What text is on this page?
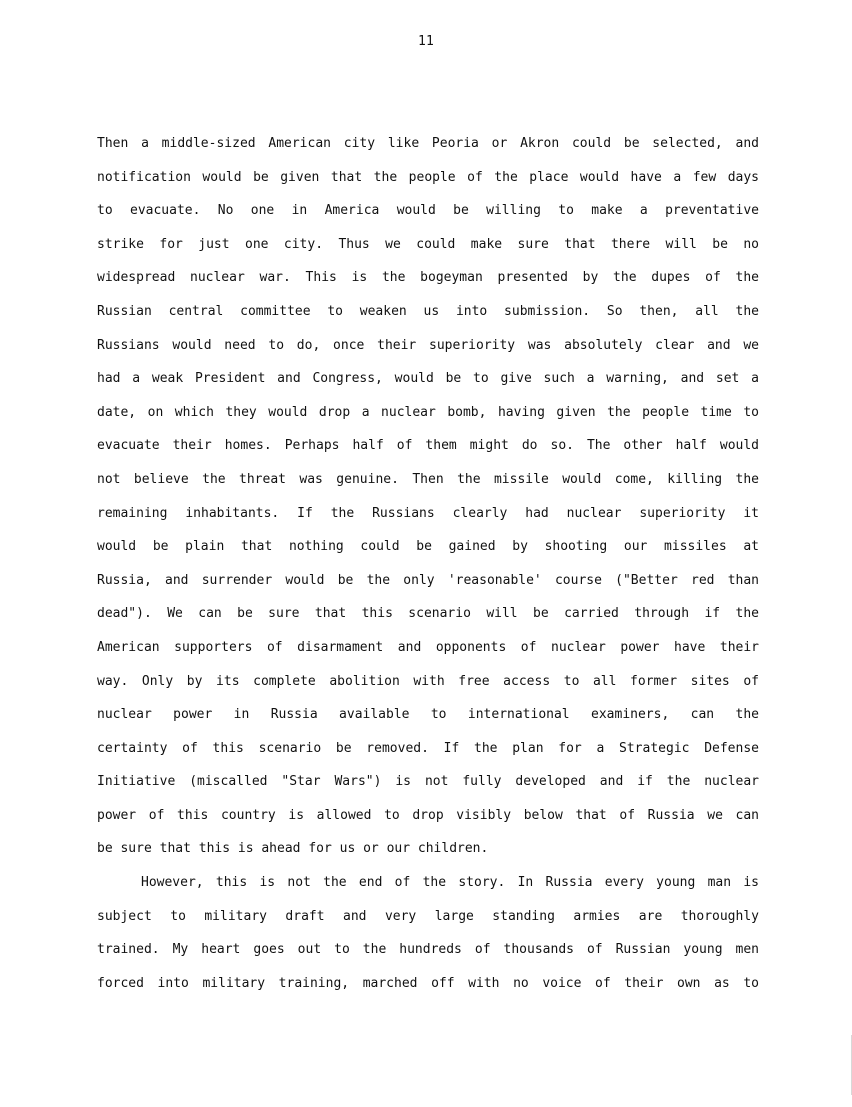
11
Then a middle-sized American city like Peoria or Akron could be selected, and
notification would be given that the people of the place would have a few days
to evacuate. No one in America would be willing to make a preventative
strike for just one city. Thus we could make sure that there will be no
widespread nuclear war. This is the bogeyman presented by the dupes of the
Russian central committee to weaken us into submission. So then, all the
Russians would need to do, once their superiority was absolutely clear and we
had a weak President and Congress, would be to give such a warning, and set a
date, on which they would drop a nuclear bomb, having given the people time to
evacuate their homes. Perhaps half of them might do so. The other half would
not believe the threat was genuine. Then the missile would come, killing the
remaining inhabitants. If the Russians clearly had nuclear superiority it
would be plain that nothing could be gained by shooting our missiles at
Russia, and surrender would be the only 'reasonable' course ("Better red than
dead"). We can be sure that this scenario will be carried through if the
American supporters of disarmament and opponents of nuclear power have their
way. Only by its complete abolition with free access to all former sites of
nuclear power in Russia available to international examiners, can the
certainty of this scenario be removed. If the plan for a Strategic Defense
Initiative (miscalled "Star Wars") is not fully developed and if the nuclear
power of this country is allowed to drop visibly below that of Russia we can
be sure that this is ahead for us or our children.
However, this is not the end of the story. In Russia every young man is
subject to military draft and very large standing armies are thoroughly
trained. My heart goes out to the hundreds of thousands of Russian young men
forced into military training, marched off with no voice of their own as to
